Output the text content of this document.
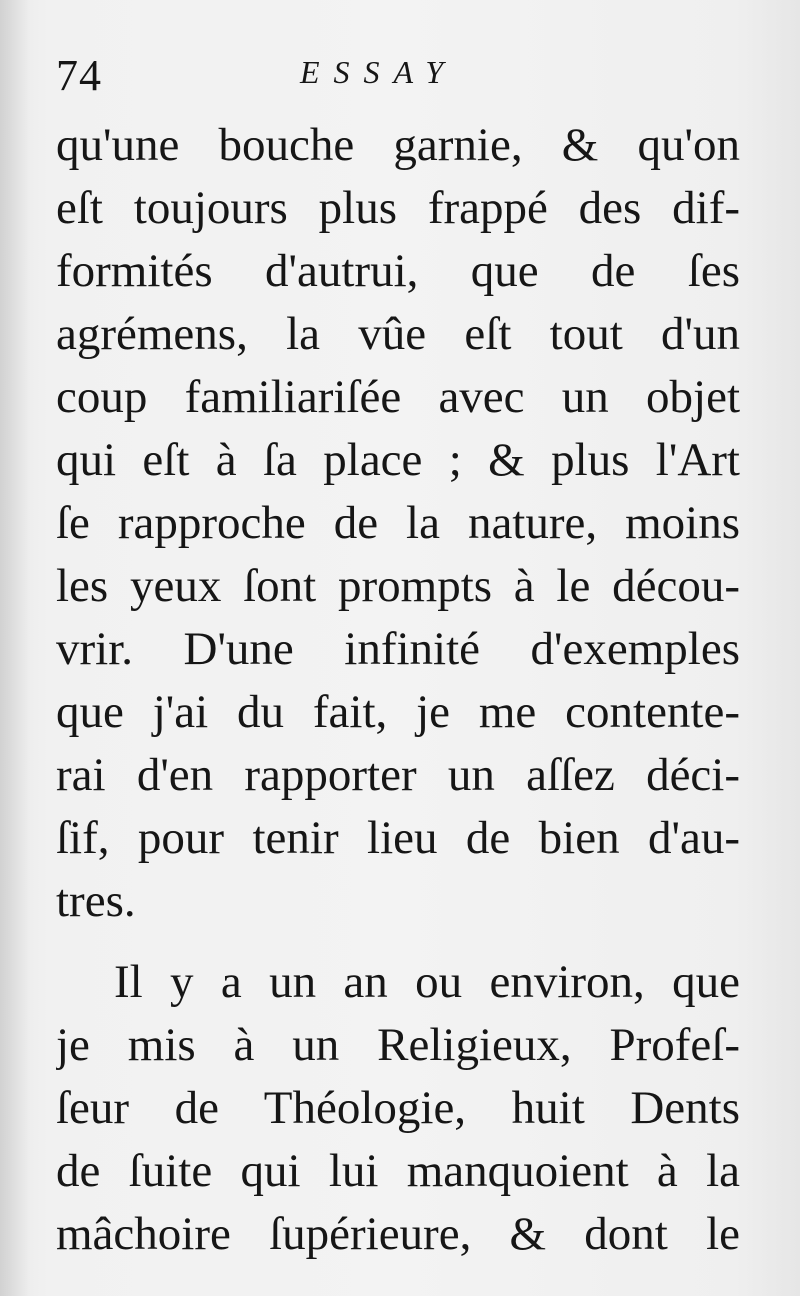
74	ESSAY
qu'une bouche garnie, & qu'on
eſt toujours plus frappé des dif-
formités d'autrui, que de ſes
agrémens, la vûe eſt tout d'un
coup familiariſée avec un objet
qui eſt à ſa place ; & plus l'Art
ſe rapproche de la nature, moins
les yeux ſont prompts à le décou-
vrir. D'une infinité d'exemples
que j'ai du fait, je me contente-
rai d'en rapporter un aſſez déci-
ſif, pour tenir lieu de bien d'au-
tres.
Il y a un an ou environ, que
je mis à un Religieux, Profeſ-
ſeur de Théologie, huit Dents
de ſuite qui lui manquoient à la
mâchoire ſupérieure, & dont le
